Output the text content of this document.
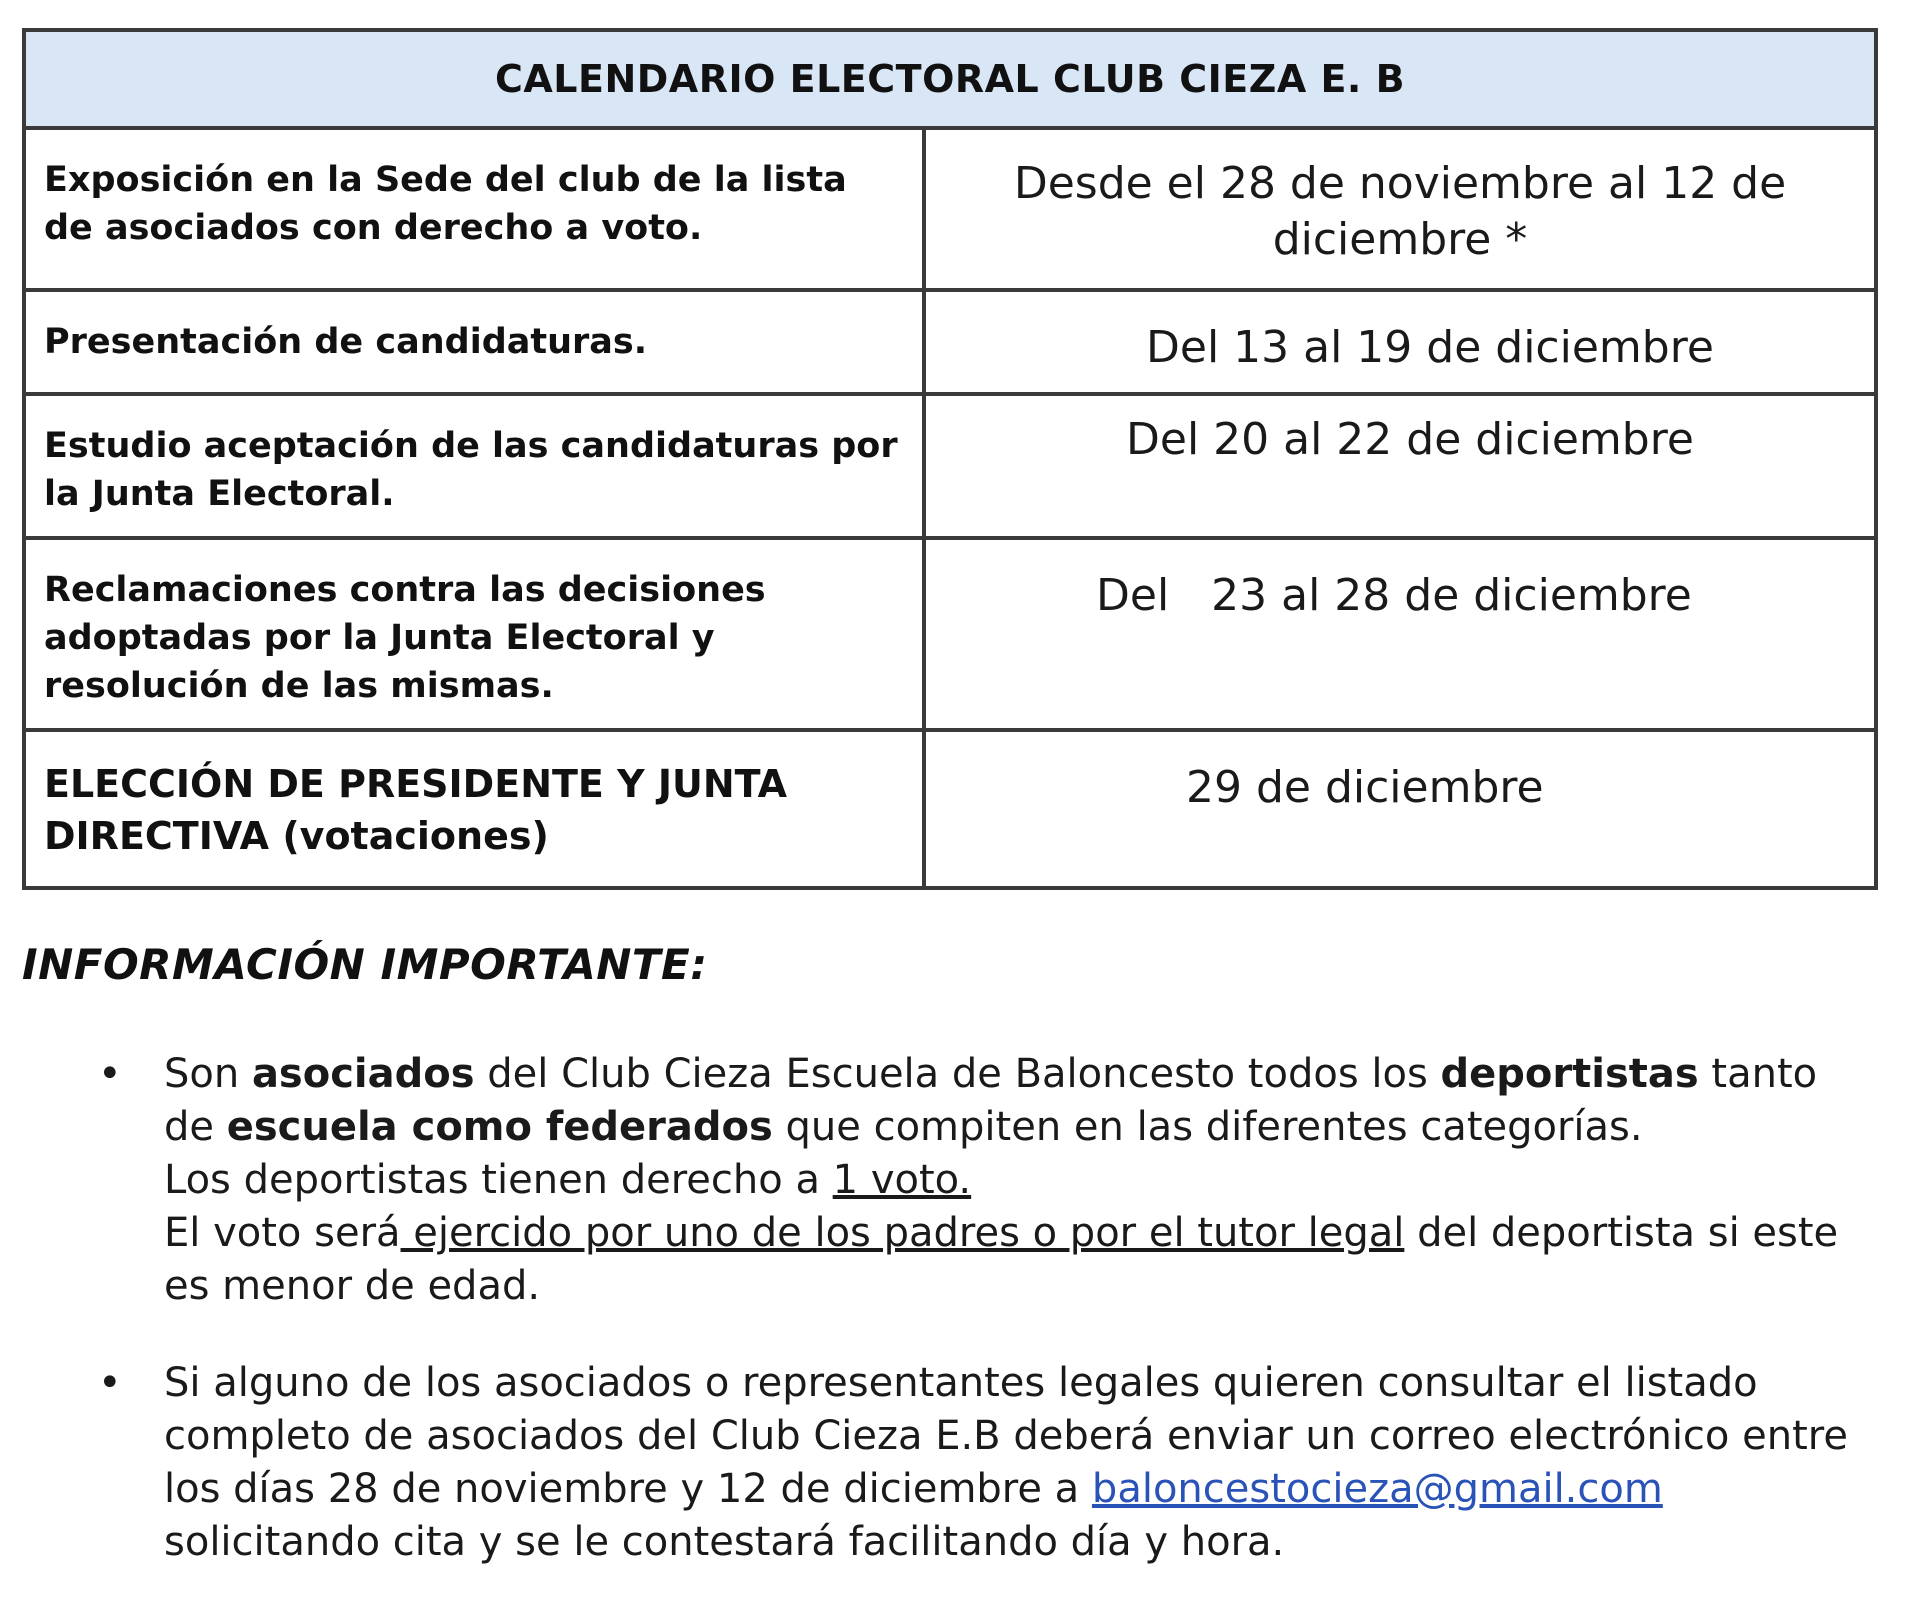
CALENDARIO ELECTORAL CLUB CIEZA E. B	
Exposición en la Sede del club de la lista de asociados con derecho a voto.	Desde el 28 de noviembre al 12 de diciembre *
Presentación de candidaturas.	Del 13 al 19 de diciembre
Estudio aceptación de las candidaturas por la Junta Electoral.	Del 20 al 22 de diciembre
Reclamaciones contra las decisiones adoptadas por la Junta Electoral y resolución de las mismas.	Del   23 al 28 de diciembre
ELECCIÓN DE PRESIDENTE Y JUNTA DIRECTIVA (votaciones)	29 de diciembre
INFORMACIÓN IMPORTANTE:
• Son asociados del Club Cieza Escuela de Baloncesto todos los deportistas tanto de escuela como federados que compiten en las diferentes categorías.
Los deportistas tienen derecho a 1 voto.
El voto será ejercido por uno de los padres o por el tutor legal del deportista si este es menor de edad.
• Si alguno de los asociados o representantes legales quieren consultar el listado completo de asociados del Club Cieza E.B deberá enviar un correo electrónico entre los días 28 de noviembre y 12 de diciembre a baloncestocieza@gmail.com solicitando cita y se le contestará facilitando día y hora.
